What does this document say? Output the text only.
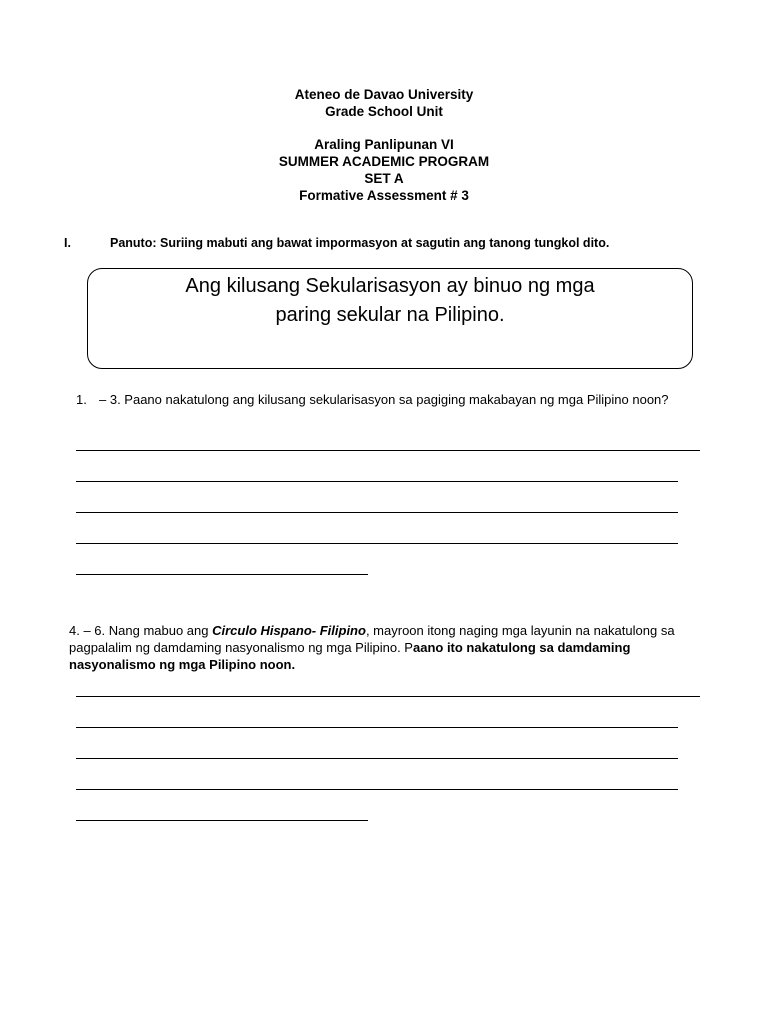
Ateneo de Davao University
Grade School Unit
Araling Panlipunan VI
SUMMER ACADEMIC PROGRAM
SET A
Formative Assessment # 3
I.	Panuto: Suriing mabuti ang bawat impormasyon at sagutin ang tanong tungkol dito.
Ang kilusang Sekularisasyon ay binuo ng mga
paring sekular na Pilipino.
1. – 3. Paano nakatulong ang kilusang sekularisasyon sa pagiging makabayan ng mga Pilipino noon?
4. – 6. Nang mabuo ang Circulo Hispano- Filipino, mayroon itong naging mga layunin na nakatulong sa pagpalalim ng damdaming nasyonalismo ng mga Pilipino. Paano ito nakatulong sa damdaming nasyonalismo ng mga Pilipino noon.
